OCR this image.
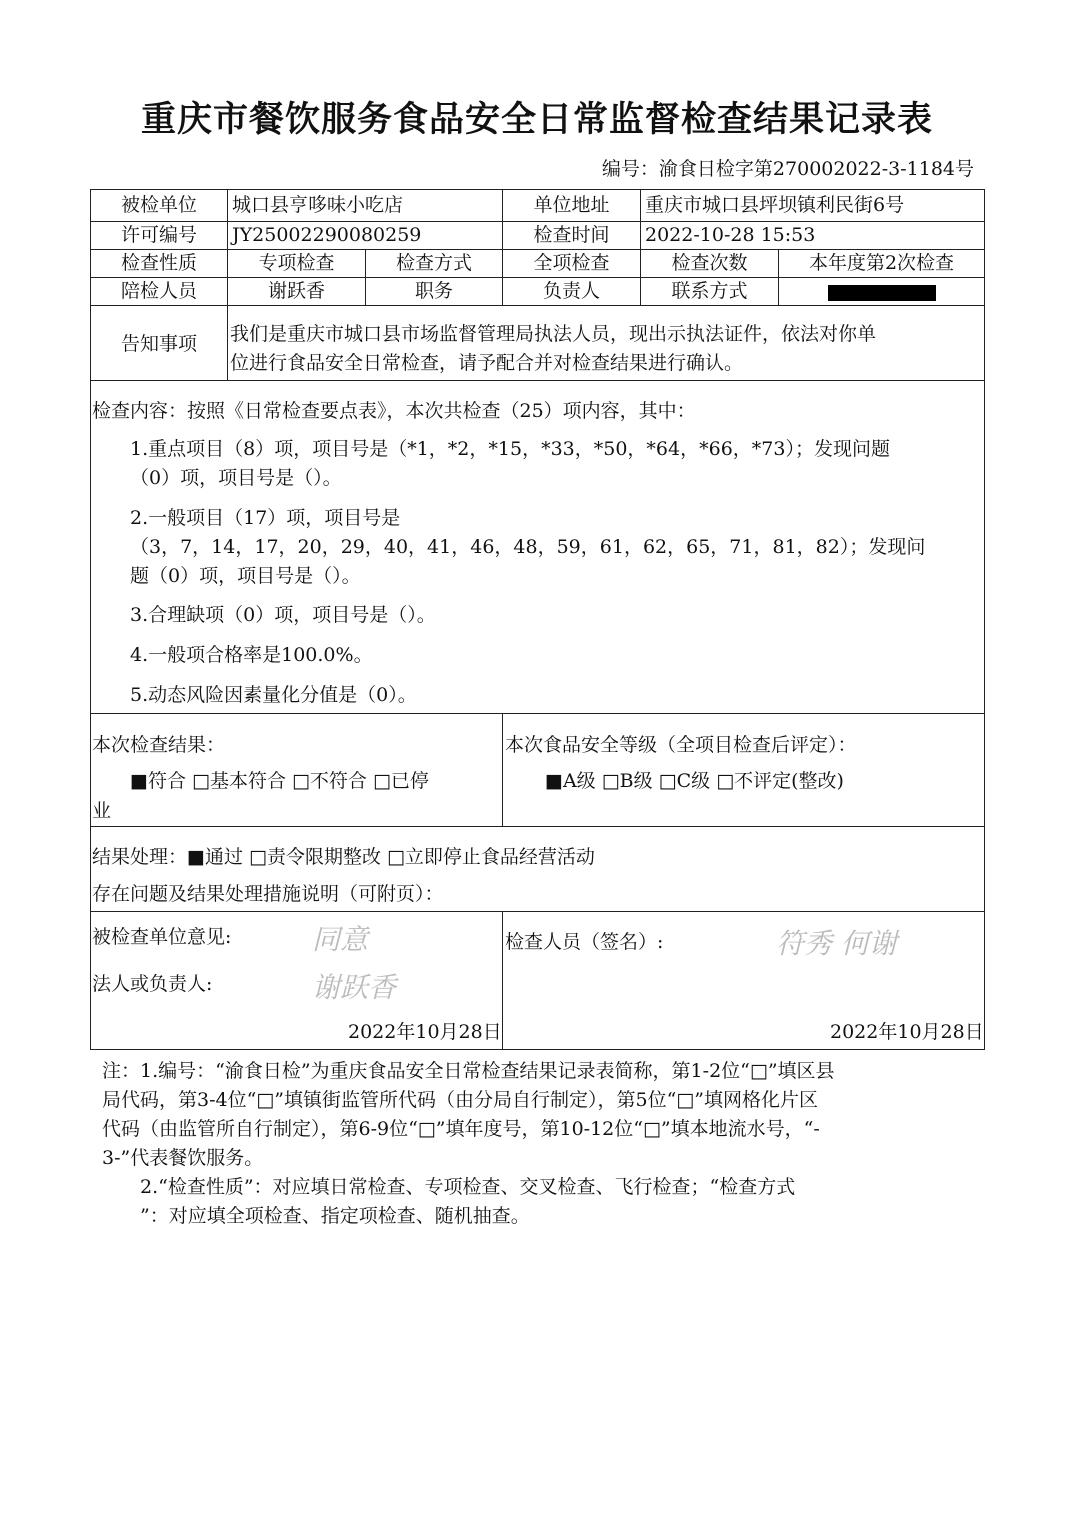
重庆市餐饮服务食品安全日常监督检查结果记录表
编号：渝食日检字第270002022-3-1184号
被检单位	城口县亨哆味小吃店	单位地址	重庆市城口县坪坝镇利民街6号
许可编号	JY25002290080259	检查时间	2022-10-28 15:53
检查性质	专项检查	检查方式	全项检查	检查次数	本年度第2次检查
陪检人员	谢跃香	职务	负责人	联系方式
告知事项	我们是重庆市城口县市场监督管理局执法人员，现出示执法证件，依法对你单
位进行食品安全日常检查，请予配合并对检查结果进行确认。
检查内容：按照《日常检查要点表》，本次共检查（25）项内容，其中：
1.重点项目（8）项，项目号是（*1，*2，*15，*33，*50，*64，*66，*73）；发现问题
（0）项，项目号是（）。
2.一般项目（17）项，项目号是
（3，7，14，17，20，29，40，41，46，48，59，61，62，65，71，81，82）；发现问
题（0）项，项目号是（）。
3.合理缺项（0）项，项目号是（）。
4.一般项合格率是100.0%。
5.动态风险因素量化分值是（0）。
本次检查结果：
■符合 □基本符合 □不符合 □已停
业
本次食品安全等级（全项目检查后评定）：
■A级 □B级 □C级 □不评定(整改)
结果处理：■通过 □责令限期整改 □立即停止食品经营活动
存在问题及结果处理措施说明（可附页）：
被检查单位意见:	同意
法人或负责人:	谢跃香
2022年10月28日
检查人员（签名）:	符秀 何谢
2022年10月28日
注：1.编号：“渝食日检”为重庆食品安全日常检查结果记录表简称，第1-2位“□”填区县
局代码，第3-4位“□”填镇街监管所代码（由分局自行制定），第5位“□”填网格化片区
代码（由监管所自行制定），第6-9位“□”填年度号，第10-12位“□”填本地流水号，“-
3-”代表餐饮服务。
2.“检查性质”：对应填日常检查、专项检查、交叉检查、飞行检查；“检查方式
”：对应填全项检查、指定项检查、随机抽查。
